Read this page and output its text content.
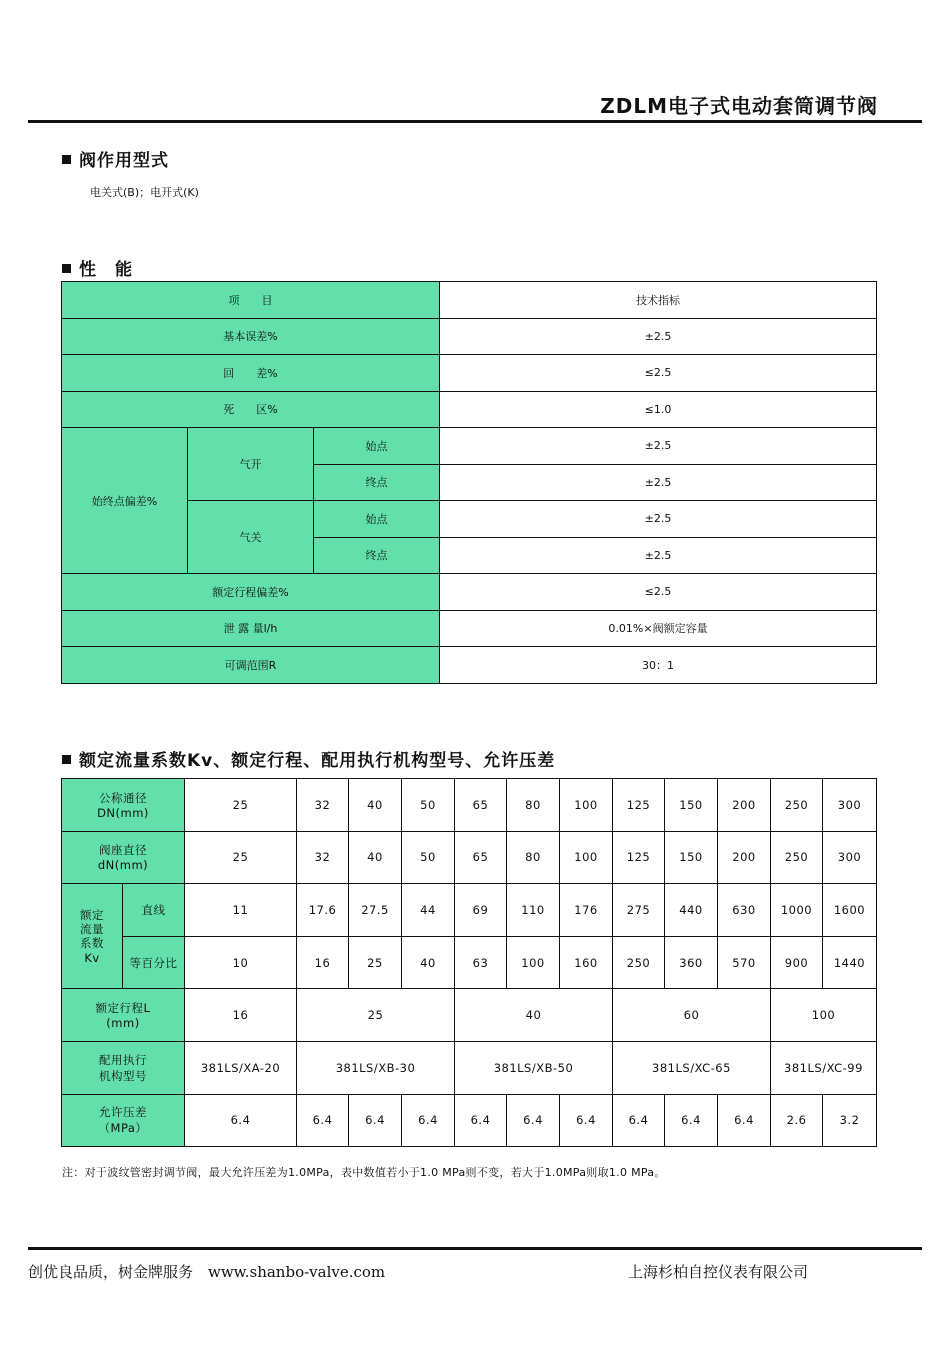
ZDLM电子式电动套筒调节阀
阀作用型式
电关式(B)；电开式(K)
性　能
项　　目			技术指标
基本误差%			±2.5
回　　差%			≤2.5
死　　区%			≤1.0
始终点偏差%	气开	始点	±2.5
		终点	±2.5
	气关	始点	±2.5
		终点	±2.5
额定行程偏差%			≤2.5
泄 露 量l/h			0.01%×阀额定容量
可调范围R			30：1
额定流量系数Kv、额定行程、配用执行机构型号、允许压差
公称通径
DN(mm)		25	32	40	50	65	80	100	125	150	200	250	300
阀座直径
dN(mm)		25	32	40	50	65	80	100	125	150	200	250	300
额定
流量
系数
Kv	直线	11	17.6	27.5	44	69	110	176	275	440	630	1000	1600
	等百分比	10	16	25	40	63	100	160	250	360	570	900	1440
额定行程L
(mm)		16	25			40			60			100	
配用执行
机构型号		381LS/XA-20	381LS/XB-30			381LS/XB-50			381LS/XC-65			381LS/XC-99	
允许压差
（MPa）		6.4	6.4	6.4	6.4	6.4	6.4	6.4	6.4	6.4	6.4	2.6	3.2
注：对于波纹管密封调节阀，最大允许压差为1.0MPa，表中数值若小于1.0 MPa则不变，若大于1.0MPa则取1.0 MPa。
创优良品质，树金牌服务　www.shanbo-valve.com	上海杉柏自控仪表有限公司
